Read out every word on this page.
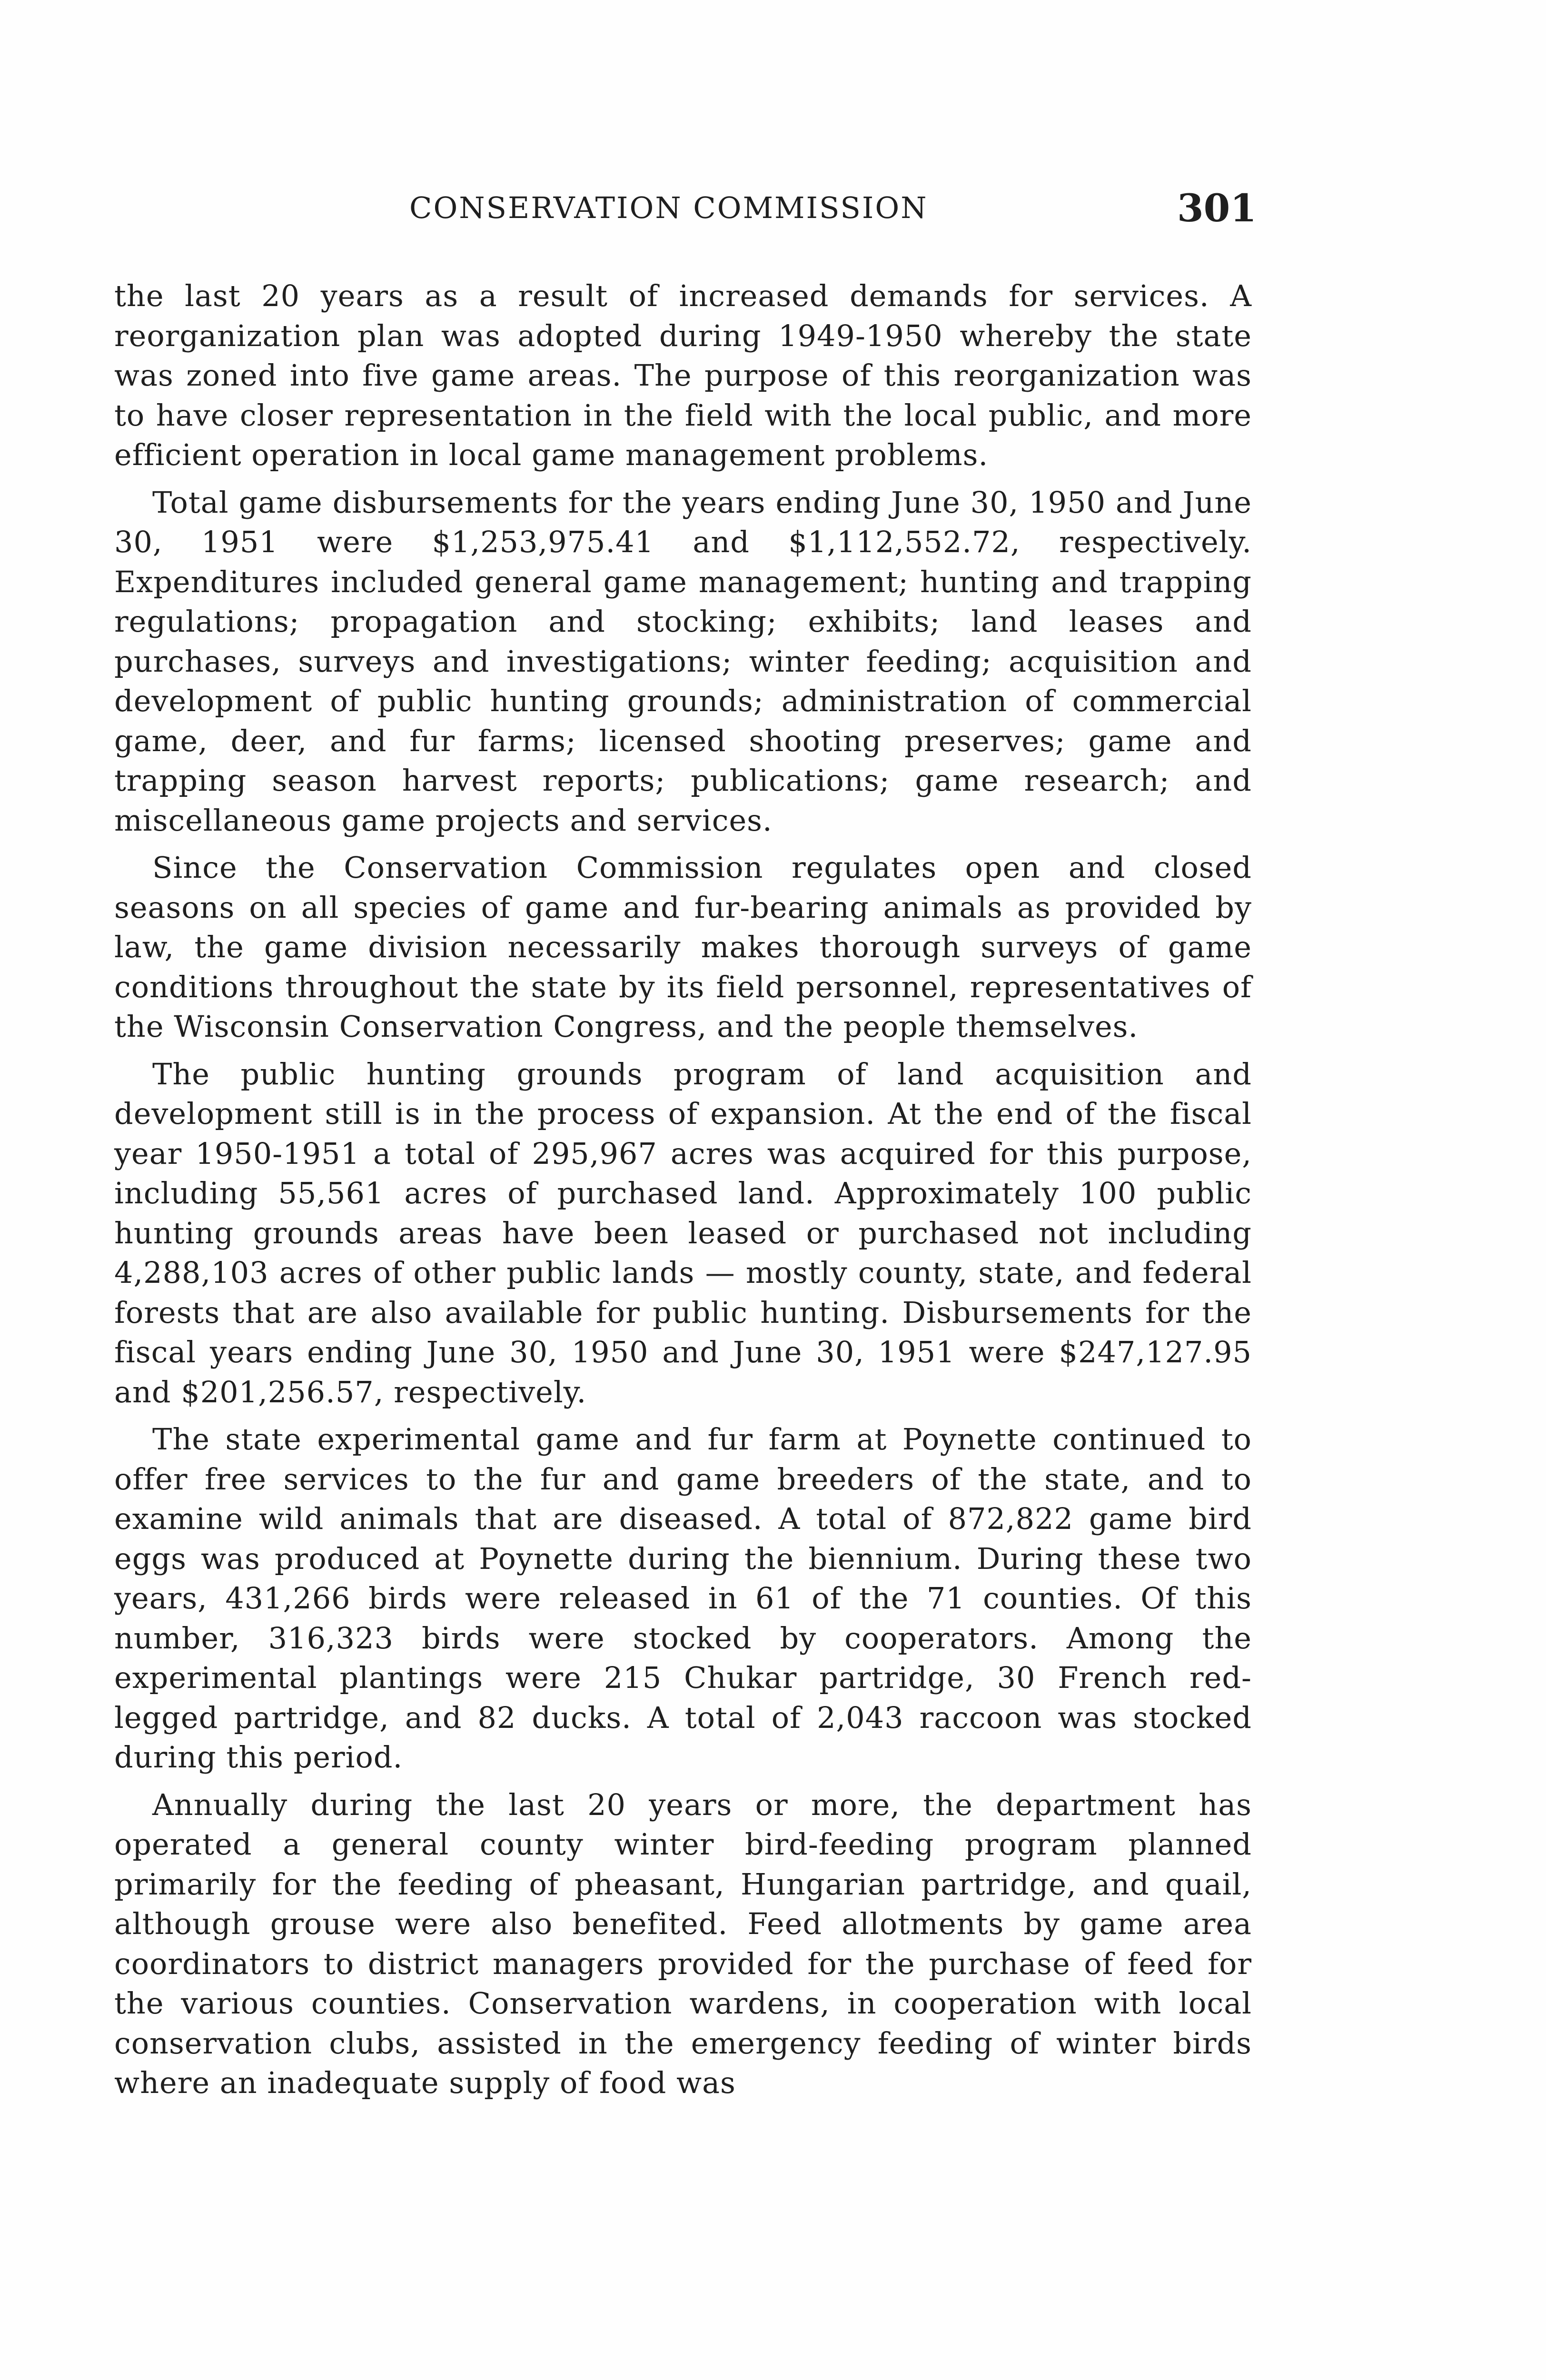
CONSERVATION COMMISSION	301

the last 20 years as a result of increased demands for services. A reorganization plan was adopted during 1949-1950 whereby the state was zoned into five game areas. The purpose of this reorganization was to have closer representation in the field with the local public, and more efficient operation in local game management problems.

Total game disbursements for the years ending June 30, 1950 and June 30, 1951 were $1,253,975.41 and $1,112,552.72, respectively. Expenditures included general game management; hunting and trapping regulations; propagation and stocking; exhibits; land leases and purchases, surveys and investigations; winter feeding; acquisition and development of public hunting grounds; administration of commercial game, deer, and fur farms; licensed shooting preserves; game and trapping season harvest reports; publications; game research; and miscellaneous game projects and services.

Since the Conservation Commission regulates open and closed seasons on all species of game and fur-bearing animals as provided by law, the game division necessarily makes thorough surveys of game conditions throughout the state by its field personnel, representatives of the Wisconsin Conservation Congress, and the people themselves.

The public hunting grounds program of land acquisition and development still is in the process of expansion. At the end of the fiscal year 1950-1951 a total of 295,967 acres was acquired for this purpose, including 55,561 acres of purchased land. Approximately 100 public hunting grounds areas have been leased or purchased not including 4,288,103 acres of other public lands — mostly county, state, and federal forests that are also available for public hunting. Disbursements for the fiscal years ending June 30, 1950 and June 30, 1951 were $247,127.95 and $201,256.57, respectively.

The state experimental game and fur farm at Poynette continued to offer free services to the fur and game breeders of the state, and to examine wild animals that are diseased. A total of 872,822 game bird eggs was produced at Poynette during the biennium. During these two years, 431,266 birds were released in 61 of the 71 counties. Of this number, 316,323 birds were stocked by cooperators. Among the experimental plantings were 215 Chukar partridge, 30 French red-legged partridge, and 82 ducks. A total of 2,043 raccoon was stocked during this period.

Annually during the last 20 years or more, the department has operated a general county winter bird-feeding program planned primarily for the feeding of pheasant, Hungarian partridge, and quail, although grouse were also benefited. Feed allotments by game area coordinators to district managers provided for the purchase of feed for the various counties. Conservation wardens, in cooperation with local conservation clubs, assisted in the emergency feeding of winter birds where an inadequate supply of food was
